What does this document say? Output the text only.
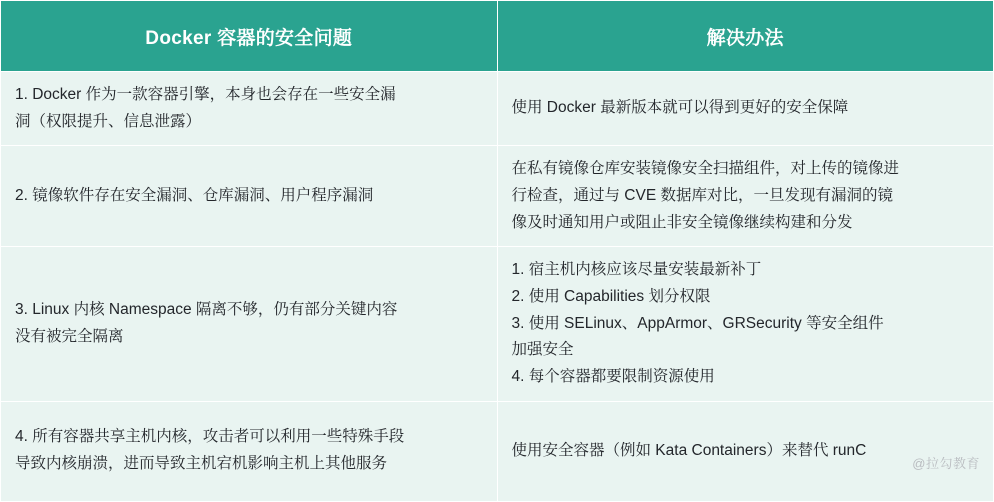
Docker 容器的安全问题	解决办法

1. Docker 作为一款容器引擎，本身也会存在一些安全漏
洞（权限提升、信息泄露）	使用 Docker 最新版本就可以得到更好的安全保障

2. 镜像软件存在安全漏洞、仓库漏洞、用户程序漏洞	在私有镜像仓库安装镜像安全扫描组件，对上传的镜像进
行检查，通过与 CVE 数据库对比，一旦发现有漏洞的镜
像及时通知用户或阻止非安全镜像继续构建和分发

3. Linux 内核 Namespace 隔离不够，仍有部分关键内容
没有被完全隔离	1. 宿主机内核应该尽量安装最新补丁
2. 使用 Capabilities 划分权限
3. 使用 SELinux、AppArmor、GRSecurity 等安全组件
加强安全
4. 每个容器都要限制资源使用

4. 所有容器共享主机内核，攻击者可以利用一些特殊手段
导致内核崩溃，进而导致主机宕机影响主机上其他服务	使用安全容器（例如 Kata Containers）来替代 runC
@拉勾教育
